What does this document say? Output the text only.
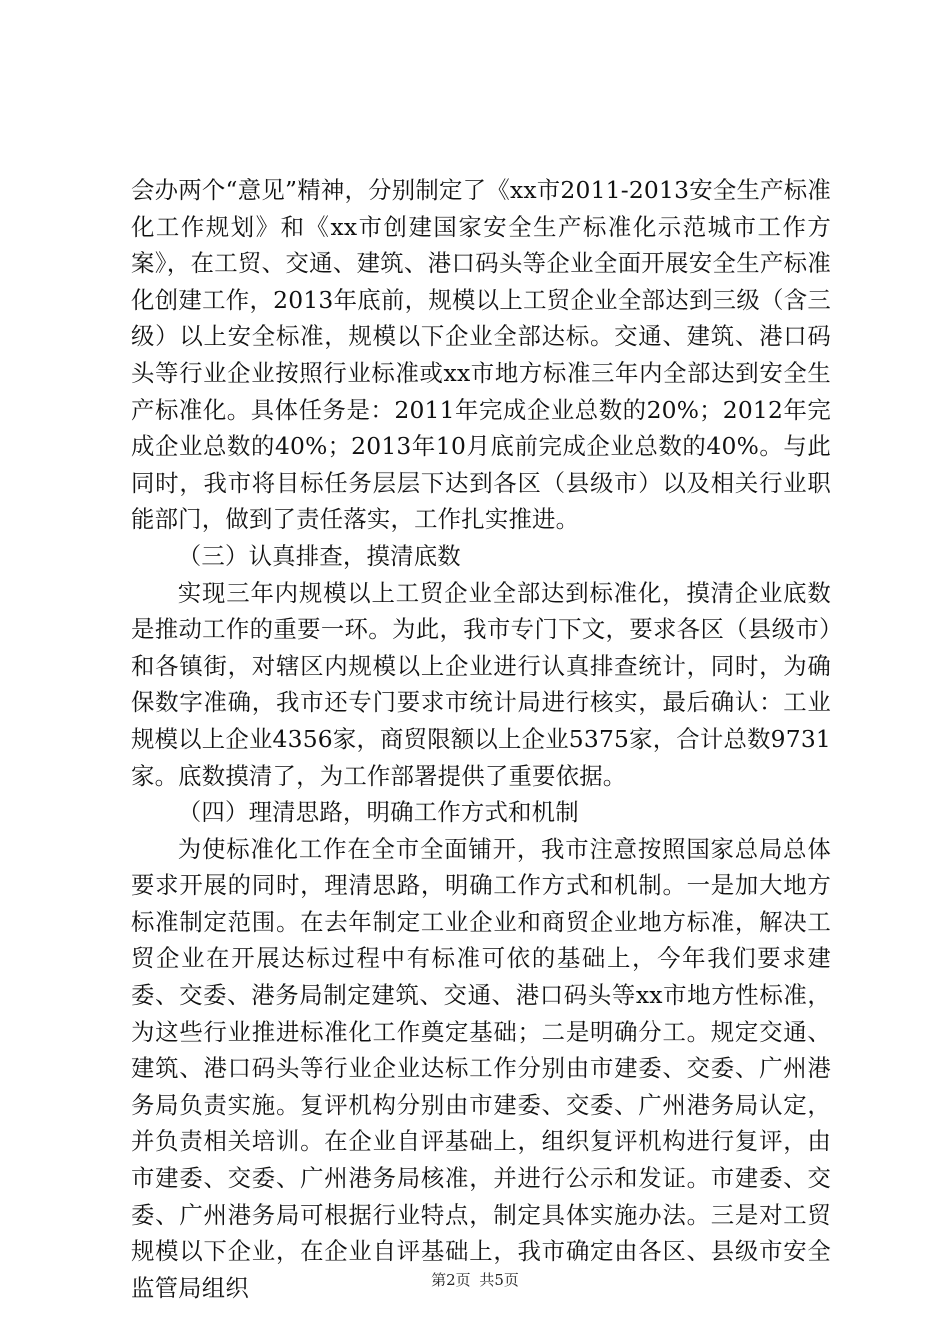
会办两个“意见”精神，分别制定了《xx市2011-2013安全生产标准化工作规划》和《xx市创建国家安全生产标准化示范城市工作方案》，在工贸、交通、建筑、港口码头等企业全面开展安全生产标准化创建工作，2013年底前，规模以上工贸企业全部达到三级（含三级）以上安全标准，规模以下企业全部达标。交通、建筑、港口码头等行业企业按照行业标准或xx市地方标准三年内全部达到安全生产标准化。具体任务是：2011年完成企业总数的20%；2012年完成企业总数的40%；2013年10月底前完成企业总数的40%。与此同时，我市将目标任务层层下达到各区（县级市）以及相关行业职能部门，做到了责任落实，工作扎实推进。

（三）认真排查，摸清底数

实现三年内规模以上工贸企业全部达到标准化，摸清企业底数是推动工作的重要一环。为此，我市专门下文，要求各区（县级市）和各镇街，对辖区内规模以上企业进行认真排查统计，同时，为确保数字准确，我市还专门要求市统计局进行核实，最后确认：工业规模以上企业4356家，商贸限额以上企业5375家，合计总数9731家。底数摸清了，为工作部署提供了重要依据。

（四）理清思路，明确工作方式和机制

为使标准化工作在全市全面铺开，我市注意按照国家总局总体要求开展的同时，理清思路，明确工作方式和机制。一是加大地方标准制定范围。在去年制定工业企业和商贸企业地方标准，解决工贸企业在开展达标过程中有标准可依的基础上，今年我们要求建委、交委、港务局制定建筑、交通、港口码头等xx市地方性标准，为这些行业推进标准化工作奠定基础；二是明确分工。规定交通、建筑、港口码头等行业企业达标工作分别由市建委、交委、广州港务局负责实施。复评机构分别由市建委、交委、广州港务局认定，并负责相关培训。在企业自评基础上，组织复评机构进行复评，由市建委、交委、广州港务局核准，并进行公示和发证。市建委、交委、广州港务局可根据行业特点，制定具体实施办法。三是对工贸规模以下企业，在企业自评基础上，我市确定由各区、县级市安全监管局组织	第2页 共5页
